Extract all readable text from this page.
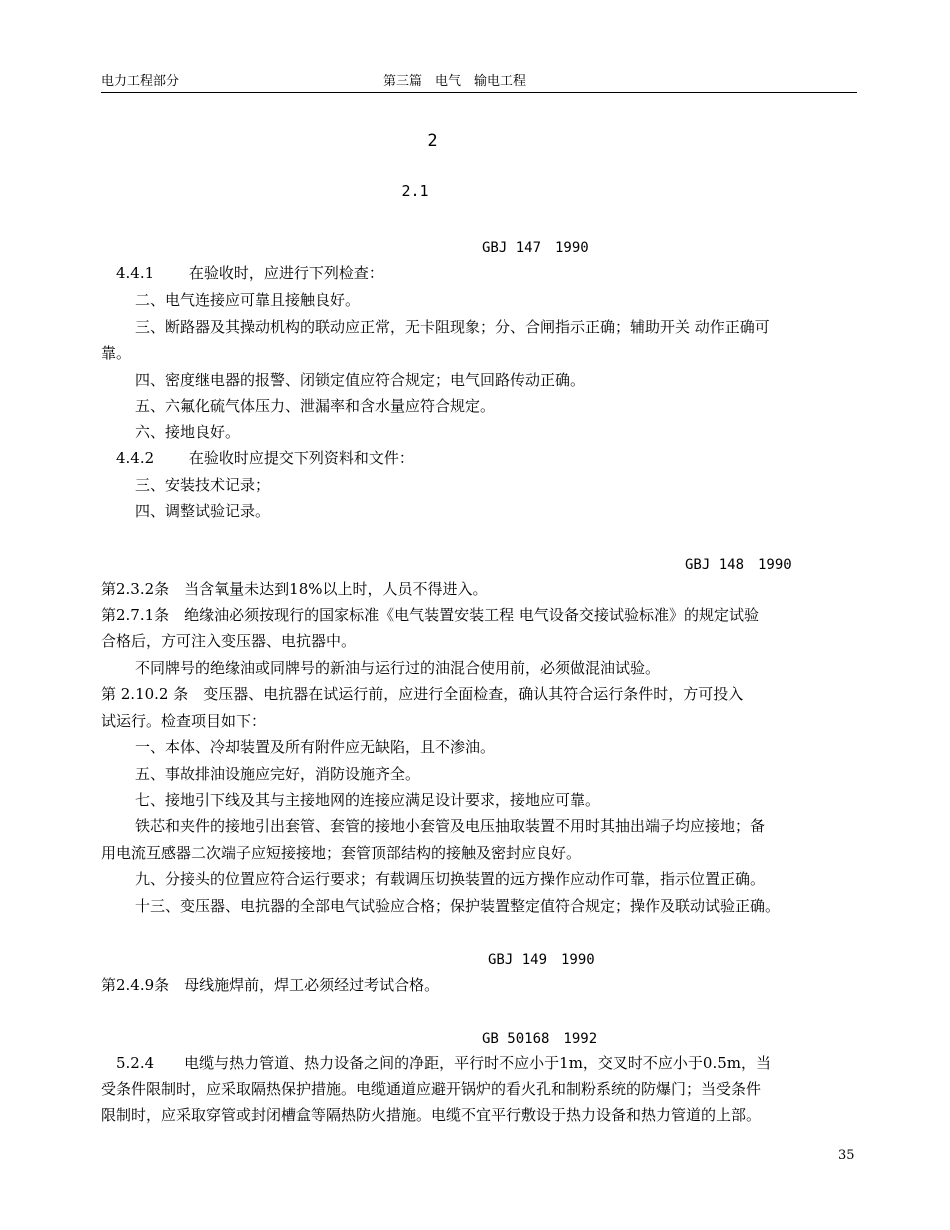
电力工程部分	第三篇　电气　输电工程
2　　　　　
2.1　　　　　　　　

GBJ 147　1990
　4.4.1　　 在验收时，应进行下列检查：
二、电气连接应可靠且接触良好。
三、断路器及其操动机构的联动应正常，无卡阻现象；分、合闸指示正确；辅助开关 动作正确可
靠。
四、密度继电器的报警、闭锁定值应符合规定；电气回路传动正确。
五、六氟化硫气体压力、泄漏率和含水量应符合规定。
六、接地良好。
　4.4.2　　 在验收时应提交下列资料和文件：
三、安装技术记录；
四、调整试验记录。

GBJ 148　1990
第2.3.2条　当含氧量未达到18%以上时，人员不得进入。
第2.7.1条　绝缘油必须按现行的国家标准《电气装置安装工程 电气设备交接试验标准》的规定试验
合格后，方可注入变压器、电抗器中。
不同牌号的绝缘油或同牌号的新油与运行过的油混合使用前，必须做混油试验。
第 2.10.2 条　变压器、电抗器在试运行前，应进行全面检查，确认其符合运行条件时，方可投入
试运行。检查项目如下：
一、本体、冷却装置及所有附件应无缺陷，且不渗油。
五、事故排油设施应完好，消防设施齐全。
七、接地引下线及其与主接地网的连接应满足设计要求，接地应可靠。
铁芯和夹件的接地引出套管、套管的接地小套管及电压抽取装置不用时其抽出端子均应接地；备
用电流互感器二次端子应短接接地；套管顶部结构的接触及密封应良好。
九、分接头的位置应符合运行要求；有载调压切换装置的远方操作应动作可靠，指示位置正确。
十三、变压器、电抗器的全部电气试验应合格；保护装置整定值符合规定；操作及联动试验正确。

GBJ 149　1990
第2.4.9条　母线施焊前，焊工必须经过考试合格。

GB 50168　1992
　5.2.4　　电缆与热力管道、热力设备之间的净距，平行时不应小于1m，交叉时不应小于0.5m，当
受条件限制时，应采取隔热保护措施。电缆通道应避开锅炉的看火孔和制粉系统的防爆门；当受条件
限制时，应采取穿管或封闭槽盒等隔热防火措施。电缆不宜平行敷设于热力设备和热力管道的上部。
35
